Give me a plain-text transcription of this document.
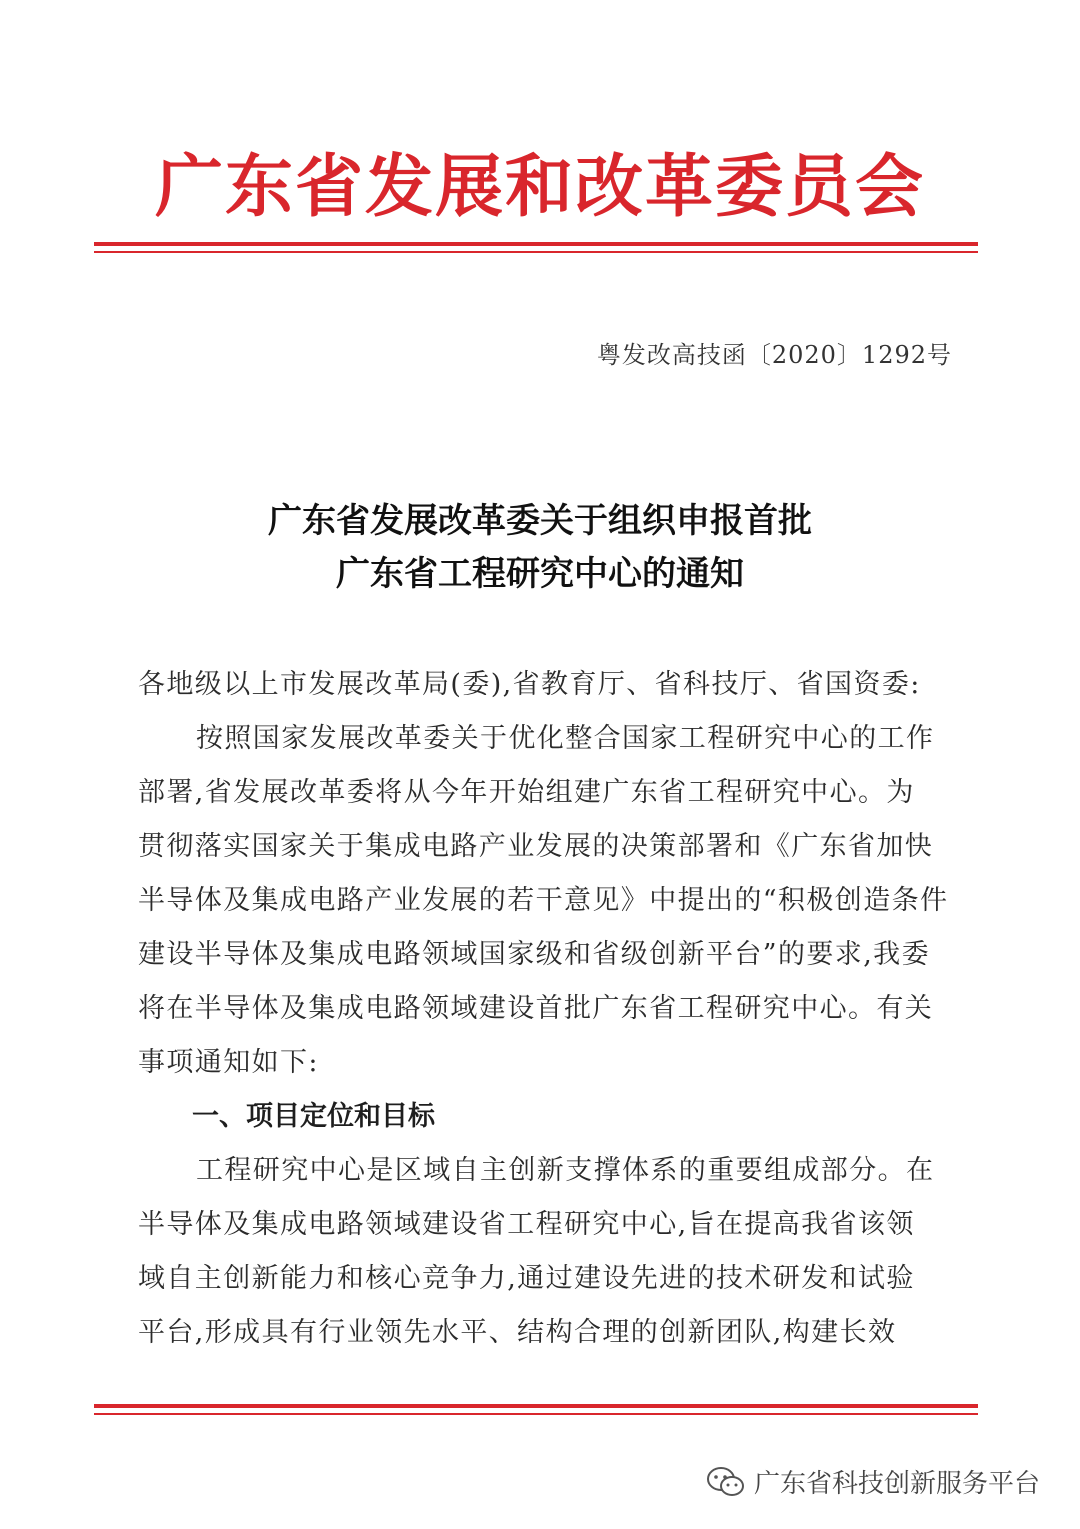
广东省发展和改革委员会
粤发改高技函〔2020〕1292号
广东省发展改革委关于组织申报首批
广东省工程研究中心的通知
各地级以上市发展改革局(委),省教育厅、省科技厅、省国资委:
按照国家发展改革委关于优化整合国家工程研究中心的工作
部署,省发展改革委将从今年开始组建广东省工程研究中心。为
贯彻落实国家关于集成电路产业发展的决策部署和《广东省加快
半导体及集成电路产业发展的若干意见》中提出的“积极创造条件
建设半导体及集成电路领域国家级和省级创新平台”的要求,我委
将在半导体及集成电路领域建设首批广东省工程研究中心。有关
事项通知如下:
一、项目定位和目标
工程研究中心是区域自主创新支撑体系的重要组成部分。在
半导体及集成电路领域建设省工程研究中心,旨在提高我省该领
域自主创新能力和核心竞争力,通过建设先进的技术研发和试验
平台,形成具有行业领先水平、结构合理的创新团队,构建长效
广东省科技创新服务平台
